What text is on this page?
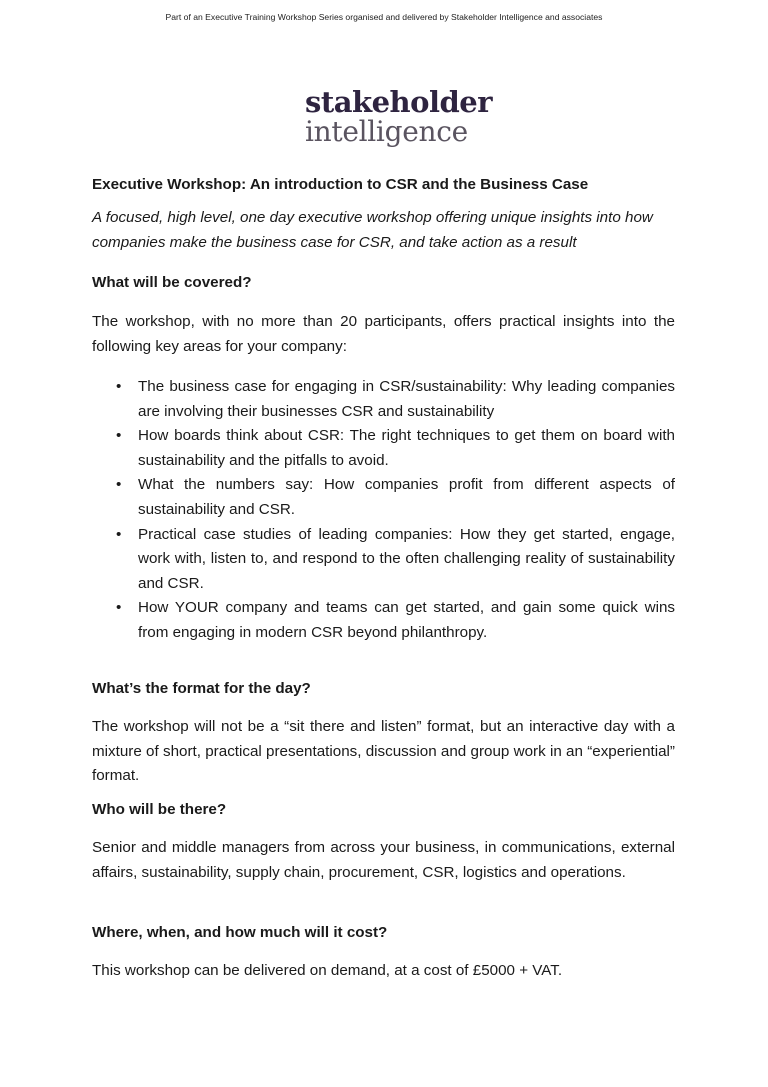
Part of an Executive Training Workshop Series organised and delivered by Stakeholder Intelligence and associates
stakeholder
intelligence
Executive Workshop: An introduction to CSR and the Business Case
A focused, high level, one day executive workshop offering unique insights into how companies make the business case for CSR, and take action as a result
What will be covered?
The workshop, with no more than 20 participants, offers practical insights into the following key areas for your company:
• The business case for engaging in CSR/sustainability: Why leading companies are involving their businesses CSR and sustainability
• How boards think about CSR: The right techniques to get them on board with sustainability and the pitfalls to avoid.
• What the numbers say: How companies profit from different aspects of sustainability and CSR.
• Practical case studies of leading companies: How they get started, engage, work with, listen to, and respond to the often challenging reality of sustainability and CSR.
• How YOUR company and teams can get started, and gain some quick wins from engaging in modern CSR beyond philanthropy.
What’s the format for the day?
The workshop will not be a “sit there and listen” format, but an interactive day with a mixture of short, practical presentations, discussion and group work in an “experiential” format.
Who will be there?
Senior and middle managers from across your business, in communications, external affairs, sustainability, supply chain, procurement, CSR, logistics and operations.
Where, when, and how much will it cost?
This workshop can be delivered on demand, at a cost of £5000 + VAT.
